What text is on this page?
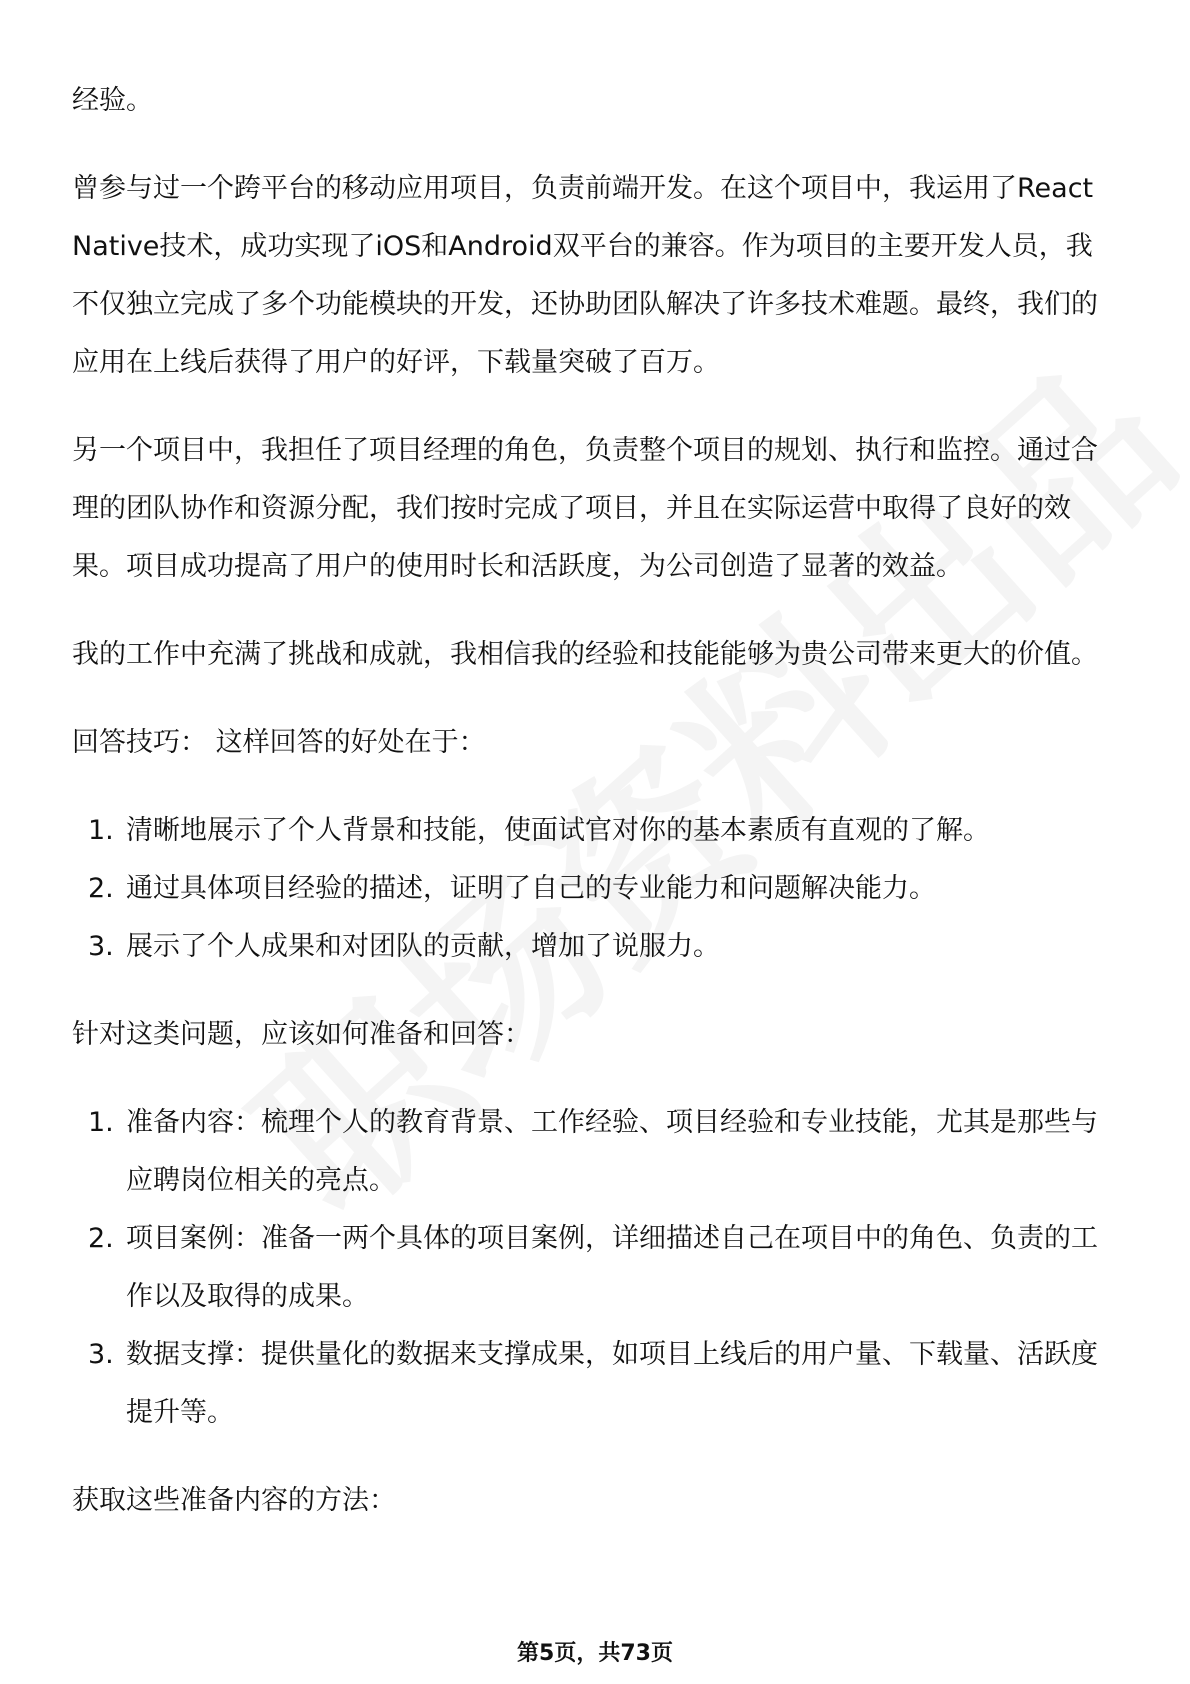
经验。

曾参与过一个跨平台的移动应用项目，负责前端开发。在这个项目中，我运用了React Native技术，成功实现了iOS和Android双平台的兼容。作为项目的主要开发人员，我不仅独立完成了多个功能模块的开发，还协助团队解决了许多技术难题。最终，我们的应用在上线后获得了用户的好评，下载量突破了百万。

另一个项目中，我担任了项目经理的角色，负责整个项目的规划、执行和监控。通过合理的团队协作和资源分配，我们按时完成了项目，并且在实际运营中取得了良好的效果。项目成功提高了用户的使用时长和活跃度，为公司创造了显著的效益。

我的工作中充满了挑战和成就，我相信我的经验和技能能够为贵公司带来更大的价值。

回答技巧： 这样回答的好处在于：

1. 清晰地展示了个人背景和技能，使面试官对你的基本素质有直观的了解。
2. 通过具体项目经验的描述，证明了自己的专业能力和问题解决能力。
3. 展示了个人成果和对团队的贡献，增加了说服力。

针对这类问题，应该如何准备和回答：

1. 准备内容：梳理个人的教育背景、工作经验、项目经验和专业技能，尤其是那些与应聘岗位相关的亮点。
2. 项目案例：准备一两个具体的项目案例，详细描述自己在项目中的角色、负责的工作以及取得的成果。
3. 数据支撑：提供量化的数据来支撑成果，如项目上线后的用户量、下载量、活跃度提升等。

获取这些准备内容的方法：

第5页，共73页
